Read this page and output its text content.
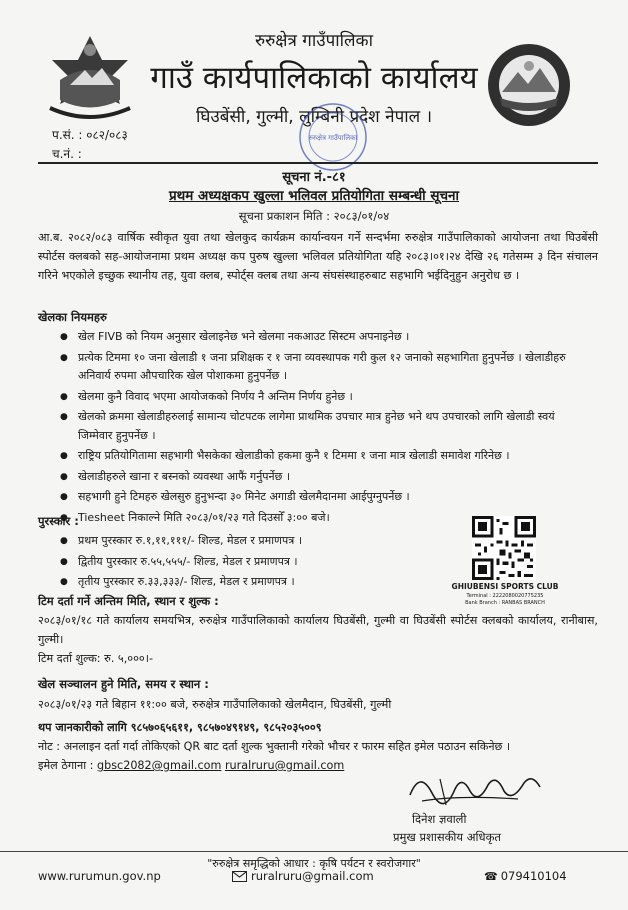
रुरुक्षेत्र गाउँपालिका
गाउँ कार्यपालिकाको कार्यालय
घिउबेंसी, गुल्मी, लुम्बिनी प्रदेश नेपाल ।
रुरुक्षेत्र गाउँपालिका
प.सं. : ०८२/०८३
च.नं. :
सूचना नं.-८१
प्रथम अध्यक्षकप खुल्ला भलिवल प्रतियोगिता सम्बन्धी सूचना
सूचना प्रकाशन मिति : २०८३/०१/०४
आ.ब. २०८२/०८३ वार्षिक स्वीकृत युवा तथा खेलकुद कार्यक्रम कार्यान्वयन गर्ने सन्दर्भमा रुरुक्षेत्र गाउँपालिकाको आयोजना तथा घिउबेंसी स्पोर्टस क्लबको सह-आयोजनामा प्रथम अध्यक्ष कप पुरुष खुल्ला भलिवल प्रतियोगिता यहि २०८३।०१।२४ देखि २६ गतेसम्म ३ दिन संचालन गरिने भएकोले इच्छुक स्थानीय तह, युवा क्लब, स्पोर्ट्स क्लब तथा अन्य संघसंस्थाहरुबाट सहभागि भईदिनुहुन अनुरोध छ ।
खेलका नियमहरु
● खेल FIVB को नियम अनुसार खेलाइनेछ भने खेलमा नकआउट सिस्टम अपनाइनेछ ।
● प्रत्येक टिममा १० जना खेलाडी १ जना प्रशिक्षक र १ जना व्यवस्थापक गरी कुल १२ जनाको सहभागिता हुनुपर्नेछ । खेलाडीहरु अनिवार्य रुपमा औपचारिक खेल पोशाकमा हुनुपर्नेछ ।
● खेलमा कुनै विवाद भएमा आयोजकको निर्णय नै अन्तिम निर्णय हुनेछ ।
● खेलको क्रममा खेलाडीहरुलाई सामान्य चोटपटक लागेमा प्राथमिक उपचार मात्र हुनेछ भने थप उपचारको लागि खेलाडी स्वयं जिम्मेवार हुनुपर्नेछ ।
● राष्ट्रिय प्रतियोगितामा सहभागी भैसकेका खेलाडीको हकमा कुनै १ टिममा १ जना मात्र खेलाडी समावेश गरिनेछ ।
● खेलाडीहरुले खाना र बस्नको व्यवस्था आफैं गर्नुपर्नेछ ।
● सहभागी हुने टिमहरु खेलसुरु हुनुभन्दा ३० मिनेट अगाडी खेलमैदानमा आईपुग्नुपर्नेछ ।
● Tiesheet निकाल्ने मिति २०८३/०१/२३ गते दिउसोँ ३:०० बजे।
पुरस्कार :
● प्रथम पुरस्कार रु.१,११,१११/- शिल्ड, मेडल र प्रमाणपत्र ।
● द्वितीय पुरस्कार रु.५५,५५५/- शिल्ड, मेडल र प्रमाणपत्र ।
● तृतीय पुरस्कार रु.३३,३३३/- शिल्ड, मेडल र प्रमाणपत्र ।	GHIUBENSI SPORTS CLUB
Terminal : 2222080020775235
Bank Branch : RANBAS BRANCH
टिम दर्ता गर्ने अन्तिम मिति, स्थान र शुल्क :
२०८३/०१/१८ गते कार्यालय समयभित्र, रुरुक्षेत्र गाउँपालिकाको कार्यालय घिउबेंसी, गुल्मी वा घिउबेंसी स्पोर्टस क्लबको कार्यालय, रानीबास, गुल्मी।
टिम दर्ता शुल्क: रु. ५,०००।-
खेल सञ्चालन हुने मिति, समय र स्थान :
२०८३/०१/२३ गते बिहान ११:०० बजे, रुरुक्षेत्र गाउँपालिकाको खेलमैदान, घिउबेंसी, गुल्मी
थप जानकारीको लागि ९८५७०६५६११, ९८५७०४९१४९, ९८५२०३५००९
नोट : अनलाइन दर्ता गर्दा तोकिएको QR बाट दर्ता शुल्क भुक्तानी गरेको भौचर र फारम सहित इमेल पठाउन सकिनेछ ।
इमेल ठेगाना : gbsc2082@gmail.com ruralruru@gmail.com
दिनेश ज्ञवाली
प्रमुख प्रशासकीय अधिकृत
"रुरुक्षेत्र समृद्धिको आधार : कृषि पर्यटन र स्वरोजगार"
www.rurumun.gov.np	ruralruru@gmail.com	☎ 079410104
